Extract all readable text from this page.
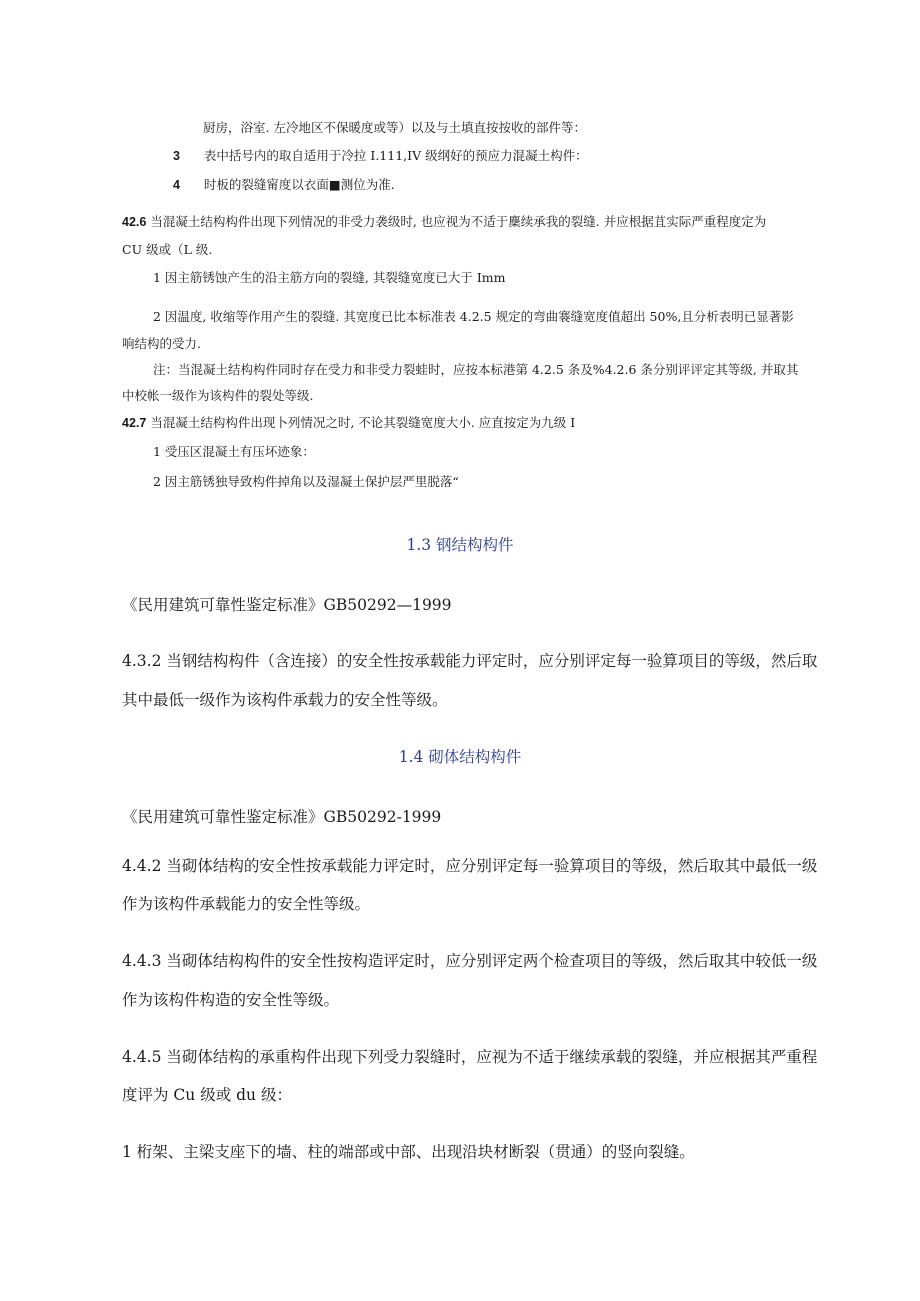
厨房，浴室. 左冷地区不保暖度或等）以及与土填直按按收的部件等：
3 表中括号内的取自适用于冷拉 I.111,IV 级纲好的预应力混凝土构件：
4 时板的裂缝甯度以衣面■测位为准.
42.6 当混凝土结构构件出现下列情况的非受力袭级时, 也应视为不适于麇续承我的裂缝. 并应根据苴实际严重程度定为
CU 级或（L 级.
1 因主筋锈蚀产生的沿主筋方向的裂缝, 其裂缝宽度已大于 Imm
2 因温度, 收缩等作用产生的裂缝. 其宽度已比本标准表 4.2.5 规定的弯曲褰缝宽度值超出 50%,且分析表明已显著影
响结构的受力.
注：当混凝土结构构件同时存在受力和非受力裂蛙时，应按本标港第 4.2.5 条及%4.2.6 条分别评评定其等级, 并取其
中校帐一级作为该构件的裂处等级.
42.7 当混凝土结构构件出现卜列情况之时, 不论其裂缝宽度大小. 应直按定为九级 I
1 受压区混凝土有压坏迹象：
2 因主筋锈独导致构件掉角以及湿凝土保护层严里脱落“
1.3 钢结构构件
《民用建筑可靠性鉴定标准》GB50292—1999
4.3.2 当钢结构构件（含连接）的安全性按承载能力评定时，应分别评定每一验算项目的等级，然后取
其中最低一级作为该构件承载力的安全性等级。
1.4 砌体结构构件
《民用建筑可靠性鉴定标准》GB50292-1999
4.4.2 当砌体结构的安全性按承载能力评定时，应分别评定每一验算项目的等级，然后取其中最低一级
作为该构件承载能力的安全性等级。
4.4.3 当砌体结构构件的安全性按构造评定时，应分别评定两个检查项目的等级，然后取其中较低一级
作为该构件构造的安全性等级。
4.4.5 当砌体结构的承重构件出现下列受力裂缝时，应视为不适于继续承载的裂缝，并应根据其严重程
度评为 Cu 级或 du 级：
1 桁架、主梁支座下的墙、柱的端部或中部、出现沿块材断裂（贯通）的竖向裂缝。
